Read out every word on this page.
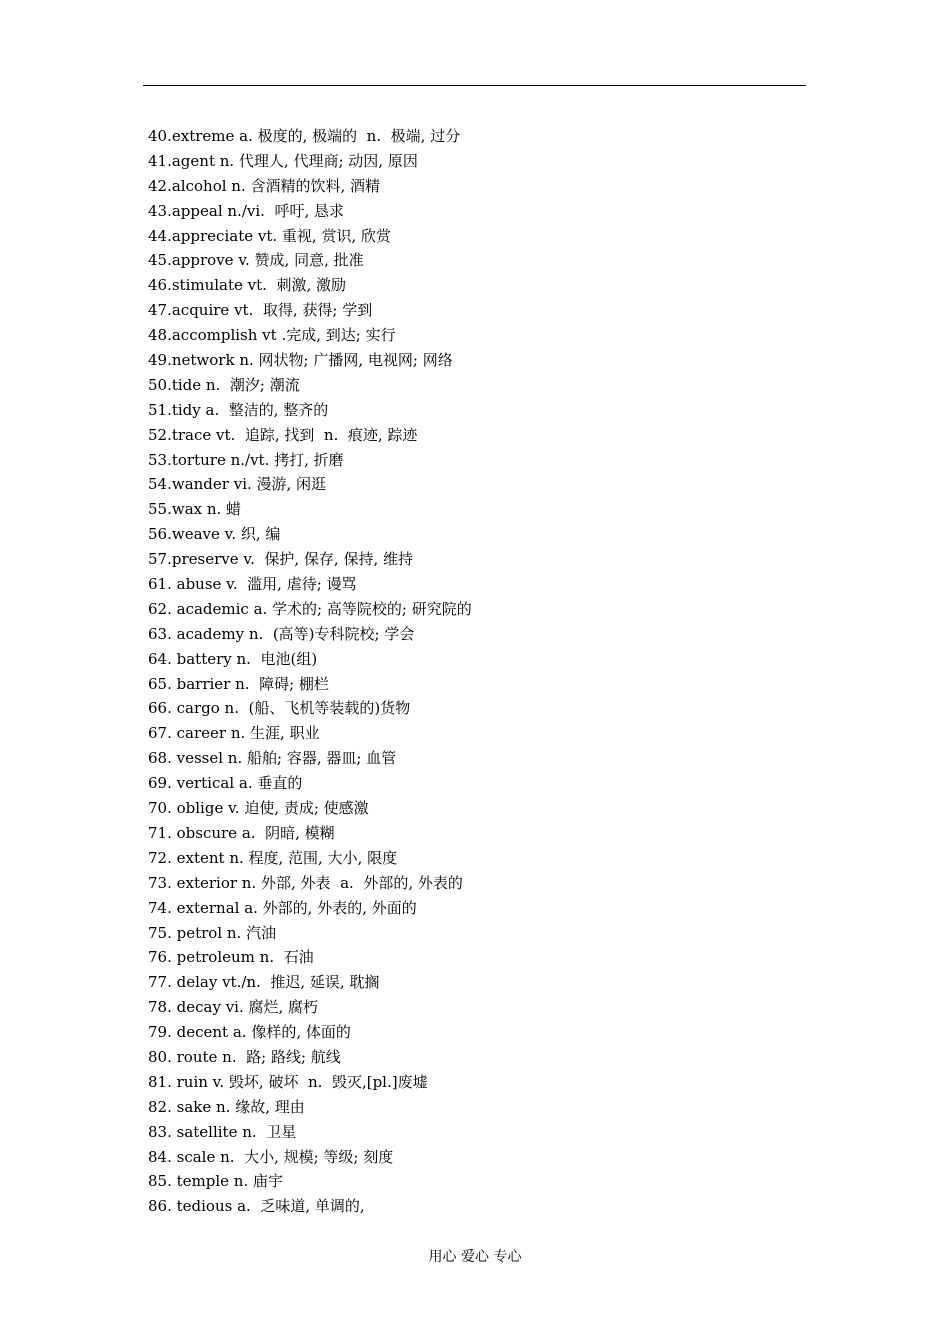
40.extreme a. 极度的, 极端的  n.  极端, 过分
41.agent n. 代理人, 代理商; 动因, 原因
42.alcohol n. 含酒精的饮料, 酒精
43.appeal n./vi.  呼吁, 恳求
44.appreciate vt. 重视, 赏识, 欣赏
45.approve v. 赞成, 同意, 批准
46.stimulate vt.  刺激, 激励
47.acquire vt.  取得, 获得; 学到
48.accomplish vt .完成, 到达; 实行
49.network n. 网状物; 广播网, 电视网; 网络
50.tide n.  潮汐; 潮流
51.tidy a.  整洁的, 整齐的
52.trace vt.  追踪, 找到  n.  痕迹, 踪迹
53.torture n./vt. 拷打, 折磨
54.wander vi. 漫游, 闲逛
55.wax n. 蜡
56.weave v. 织, 编
57.preserve v.  保护, 保存, 保持, 维持
61. abuse v.  滥用, 虐待; 谩骂
62. academic a. 学术的; 高等院校的; 研究院的
63. academy n.  (高等)专科院校; 学会
64. battery n.  电池(组)
65. barrier n.  障碍; 棚栏
66. cargo n.  (船、飞机等装载的)货物
67. career n. 生涯, 职业
68. vessel n. 船舶; 容器, 器皿; 血管
69. vertical a. 垂直的
70. oblige v. 迫使, 责成; 使感激
71. obscure a.  阴暗, 模糊
72. extent n. 程度, 范围, 大小, 限度
73. exterior n. 外部, 外表  a.  外部的, 外表的
74. external a. 外部的, 外表的, 外面的
75. petrol n. 汽油
76. petroleum n.  石油
77. delay vt./n.  推迟, 延误, 耽搁
78. decay vi. 腐烂, 腐朽
79. decent a. 像样的, 体面的
80. route n.  路; 路线; 航线
81. ruin v. 毁坏, 破坏  n.  毁灭,[pl.]废墟
82. sake n. 缘故, 理由
83. satellite n.  卫星
84. scale n.  大小, 规模; 等级; 刻度
85. temple n. 庙宇
86. tedious a.  乏味道, 单调的,
用心 爱心 专心
